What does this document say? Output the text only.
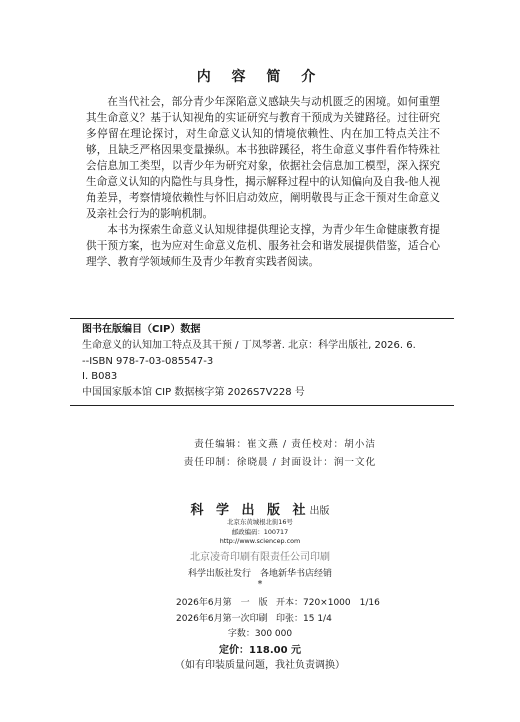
内 容 简 介

在当代社会，部分青少年深陷意义感缺失与动机匮乏的困境。如何重塑其生命意义？基于认知视角的实证研究与教育干预成为关键路径。过往研究多停留在理论探讨，对生命意义认知的情境依赖性、内在加工特点关注不够，且缺乏严格因果变量操纵。本书独辟蹊径，将生命意义事件看作特殊社会信息加工类型，以青少年为研究对象，依据社会信息加工模型，深入探究生命意义认知的内隐性与具身性，揭示解释过程中的认知偏向及自我-他人视角差异，考察情境依赖性与怀旧启动效应，阐明敬畏与正念干预对生命意义及亲社会行为的影响机制。

本书为探索生命意义认知规律提供理论支撑，为青少年生命健康教育提供干预方案，也为应对生命意义危机、服务社会和谐发展提供借鉴，适合心理学、教育学领域师生及青少年教育实践者阅读。

图书在版编目（CIP）数据
生命意义的认知加工特点及其干预 / 丁凤琴著. 北京：科学出版社, 2026. 6.
--ISBN 978-7-03-085547-3
Ⅰ. B083
中国国家版本馆 CIP 数据核字第 2026S7V228 号
责任编辑：崔文燕 / 责任校对：胡小洁
责任印制：徐晓晨 / 封面设计：润一文化
科 学 出 版 社出版
北京东黄城根北街16号
邮政编码：100717
http://www.sciencep.com
北京凌奇印刷有限责任公司印刷
科学出版社发行　各地新华书店经销
*
2026年6月第　一　版 开本：720×1000　1/16
2026年6月第一次印刷 印张：15 1/4
字数：300 000
定价：118.00 元
（如有印装质量问题，我社负责调换）
